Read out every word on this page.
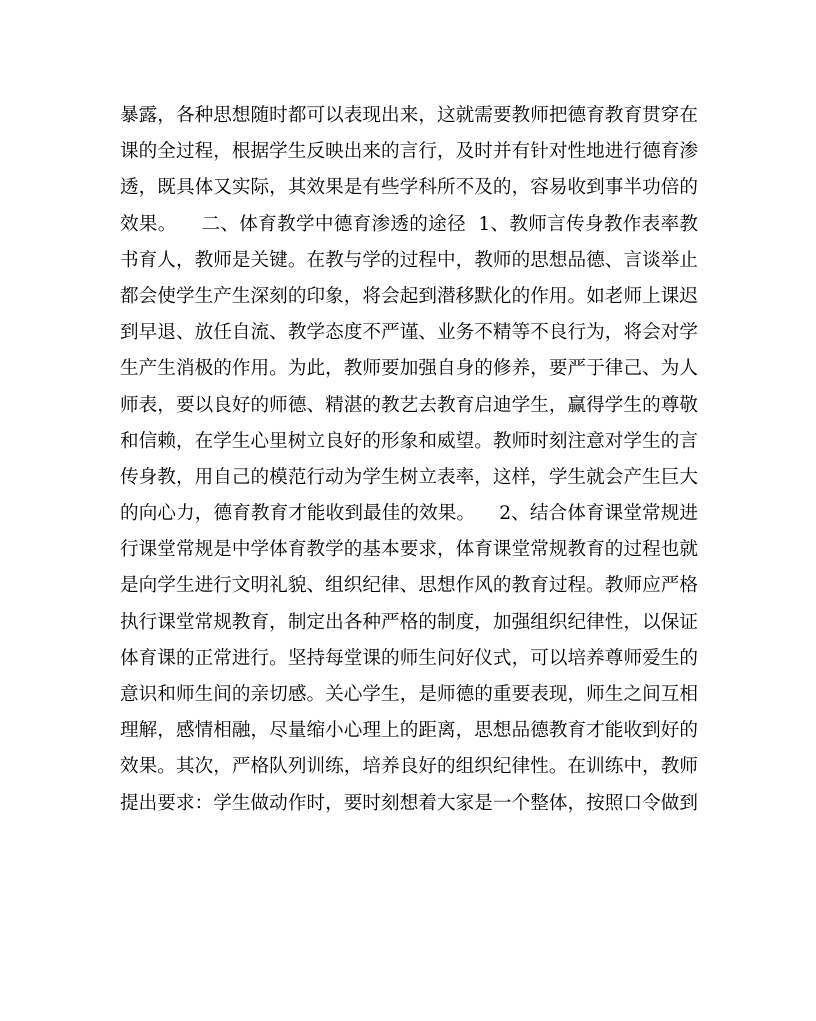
暴露，各种思想随时都可以表现出来，这就需要教师把德育教育贯穿在
课的全过程，根据学生反映出来的言行，及时并有针对性地进行德育渗
透，既具体又实际，其效果是有些学科所不及的，容易收到事半功倍的
效果。    二、体育教学中德育渗透的途径  1、教师言传身教作表率教
书育人，教师是关键。在教与学的过程中，教师的思想品德、言谈举止
都会使学生产生深刻的印象，将会起到潜移默化的作用。如老师上课迟
到早退、放任自流、教学态度不严谨、业务不精等不良行为，将会对学
生产生消极的作用。为此，教师要加强自身的修养，要严于律己、为人
师表，要以良好的师德、精湛的教艺去教育启迪学生，赢得学生的尊敬
和信赖，在学生心里树立良好的形象和威望。教师时刻注意对学生的言
传身教，用自己的模范行动为学生树立表率，这样，学生就会产生巨大
的向心力，德育教育才能收到最佳的效果。    2、结合体育课堂常规进
行课堂常规是中学体育教学的基本要求，体育课堂常规教育的过程也就
是向学生进行文明礼貌、组织纪律、思想作风的教育过程。教师应严格
执行课堂常规教育，制定出各种严格的制度，加强组织纪律性，以保证
体育课的正常进行。坚持每堂课的师生问好仪式，可以培养尊师爱生的
意识和师生间的亲切感。关心学生，是师德的重要表现，师生之间互相
理解，感情相融，尽量缩小心理上的距离，思想品德教育才能收到好的
效果。其次，严格队列训练，培养良好的组织纪律性。在训练中，教师
提出要求：学生做动作时，要时刻想着大家是一个整体，按照口令做到
